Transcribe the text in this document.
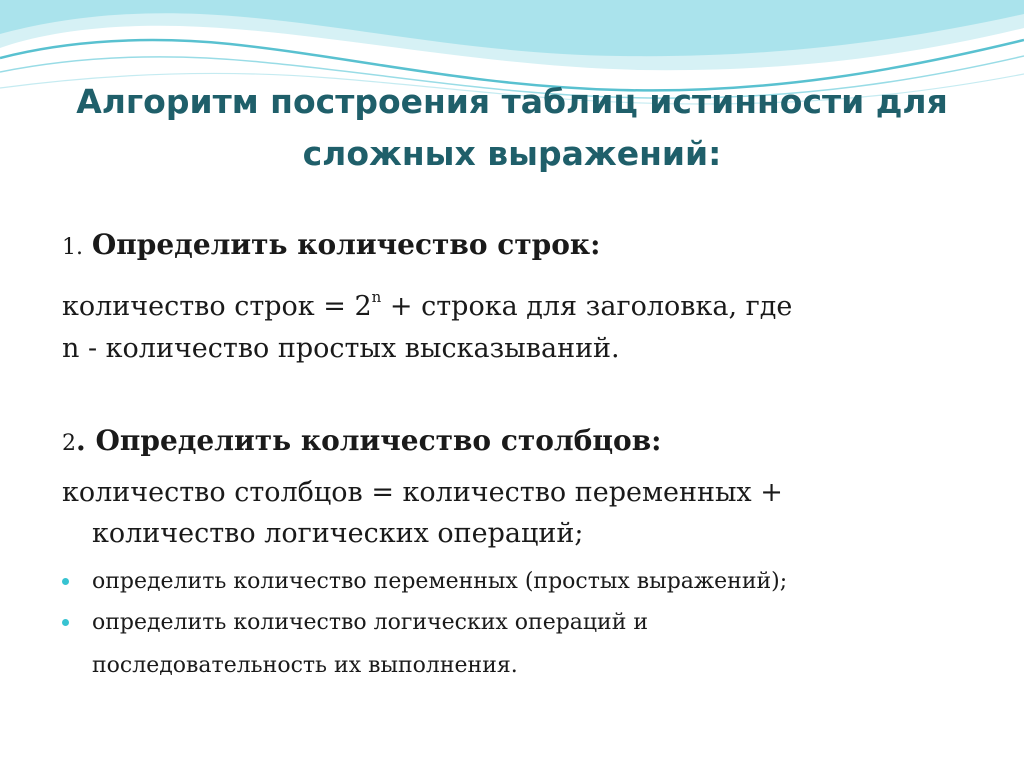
Алгоритм построения таблиц истинности для
сложных выражений:

1. Определить количество строк:

количество строк = $2^n$ + строка для заголовка, где

n - количество простых высказываний.

2. Определить количество столбцов:

количество столбцов = количество переменных +

количество логических операций;

определить количество переменных (простых выражений);

определить количество логических операций и

последовательность их выполнения.
